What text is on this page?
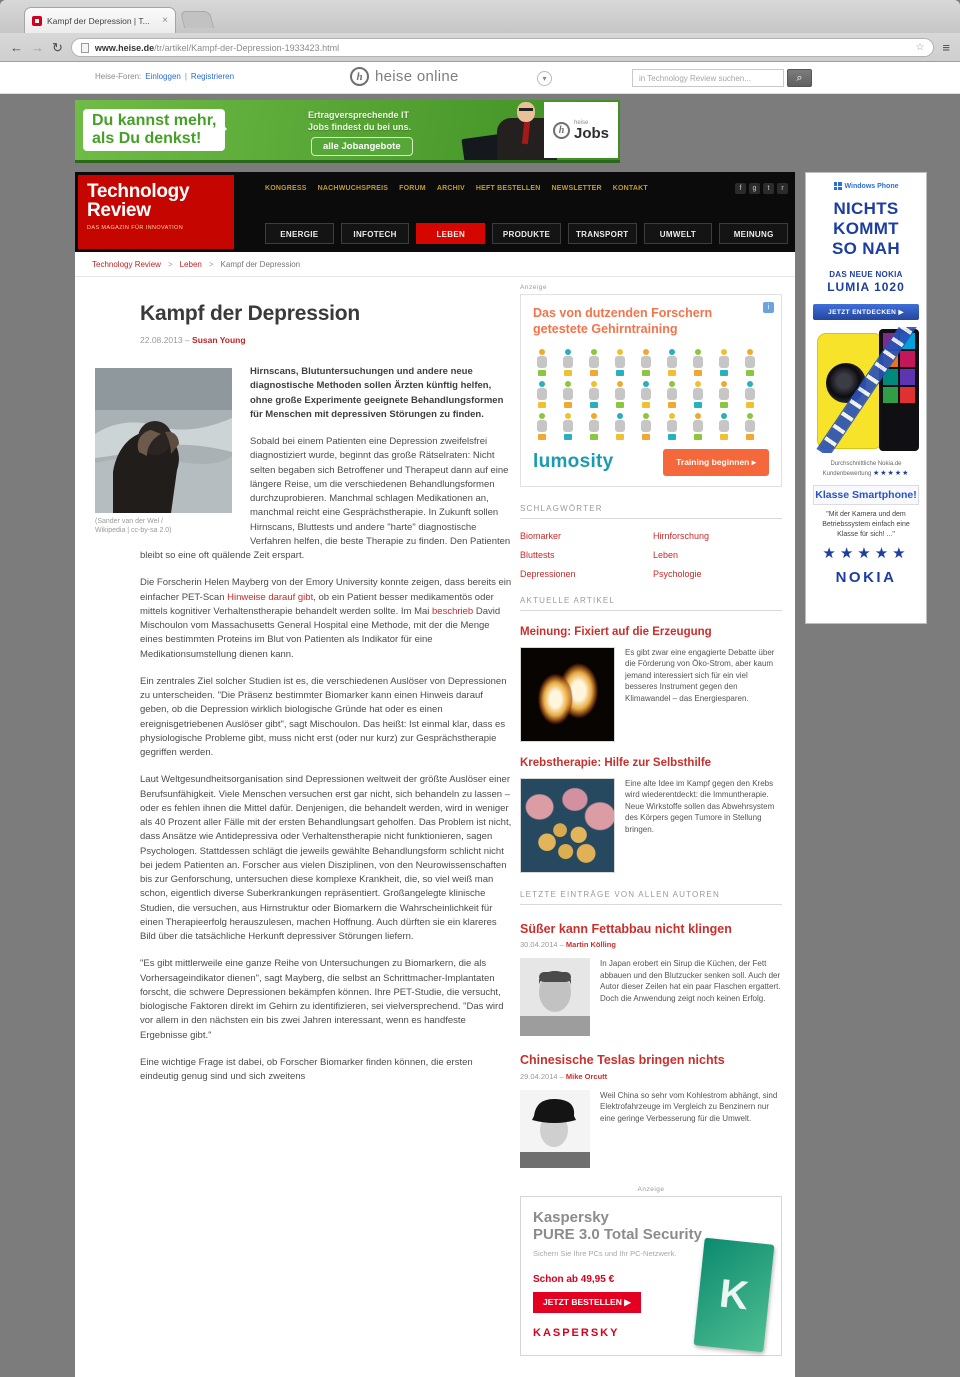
Kampf der Depression | T...	×
← → ↻	www.heise.de/tr/artikel/Kampf-der-Depression-1933423.html	☆ ≡
Heise-Foren: Einloggen | Registrieren	h heise online	▾
in Technology Review suchen...	⌕
Du kannst mehr,
als Du denkst!
Ertragversprechende IT
Jobs findest du bei uns.
alle Jobangebote
h
heise
Jobs
Technology
Review
DAS MAGAZIN FÜR INNOVATION
KONGRESS NACHWUCHSPREIS FORUM ARCHIV HEFT BESTELLEN NEWSLETTER KONTAKT	f	g	t	r
ENERGIE	INFOTECH	LEBEN	PRODUKTE	TRANSPORT	UMWELT	MEINUNG
Windows Phone
NICHTS
KOMMT
SO NAH
DAS NEUE NOKIA
LUMIA 1020
JETZT ENTDECKEN ▶
Durchschnittliche Nokia.de
Kundenbewertung ★★★★★
Klasse Smartphone!
"Mit der Kamera und dem Betriebssystem einfach eine Klasse für sich! ..."
★★★★★
NOKIA
Technology Review > Leben > Kampf der Depression
Kampf der Depression
22.08.2013 – Susan Young
(Sander van der Wel /
Wikipedia | cc-by-sa 2.0)

Hirnscans, Blutuntersuchungen und andere neue diagnostische Methoden sollen Ärzten künftig helfen, ohne große Experimente geeignete Behandlungsformen für Menschen mit depressiven Störungen zu finden.

Sobald bei einem Patienten eine Depression zweifelsfrei diagnostiziert wurde, beginnt das große Rätselraten: Nicht selten begaben sich Betroffener und Therapeut dann auf eine längere Reise, um die verschiedenen Behandlungsformen durchzuprobieren. Manchmal schlagen Medikationen an, manchmal reicht eine Gesprächstherapie. In Zukunft sollen Hirnscans, Bluttests und andere "harte" diagnostische Verfahren helfen, die beste Therapie zu finden. Den Patienten bleibt so eine oft quälende Zeit erspart.

Die Forscherin Helen Mayberg von der Emory University konnte zeigen, dass bereits ein einfacher PET-Scan Hinweise darauf gibt, ob ein Patient besser medikamentös oder mittels kognitiver Verhaltenstherapie behandelt werden sollte. Im Mai beschrieb David Mischoulon vom Massachusetts General Hospital eine Methode, mit der die Menge eines bestimmten Proteins im Blut von Patienten als Indikator für eine Medikationsumstellung dienen kann.

Ein zentrales Ziel solcher Studien ist es, die verschiedenen Auslöser von Depressionen zu unterscheiden. "Die Präsenz bestimmter Biomarker kann einen Hinweis darauf geben, ob die Depression wirklich biologische Gründe hat oder es einen ereignisgetriebenen Auslöser gibt", sagt Mischoulon. Das heißt: Ist einmal klar, dass es physiologische Probleme gibt, muss nicht erst (oder nur kurz) zur Gesprächstherapie gegriffen werden.

Laut Weltgesundheitsorganisation sind Depressionen weltweit der größte Auslöser einer Berufsunfähigkeit. Viele Menschen versuchen erst gar nicht, sich behandeln zu lassen – oder es fehlen ihnen die Mittel dafür. Denjenigen, die behandelt werden, wird in weniger als 40 Prozent aller Fälle mit der ersten Behandlungsart geholfen. Das Problem ist nicht, dass Ansätze wie Antidepressiva oder Verhaltenstherapie nicht funktionieren, sagen Psychologen. Stattdessen schlägt die jeweils gewählte Behandlungsform schlicht nicht bei jedem Patienten an. Forscher aus vielen Disziplinen, von den Neurowissenschaften bis zur Genforschung, untersuchen diese komplexe Krankheit, die, so viel weiß man schon, eigentlich diverse Suberkrankungen repräsentiert. Großangelegte klinische Studien, die versuchen, aus Hirnstruktur oder Biomarkern die Wahrscheinlichkeit für einen Therapieerfolg herauszulesen, machen Hoffnung. Auch dürften sie ein klareres Bild über die tatsächliche Herkunft depressiver Störungen liefern.

"Es gibt mittlerweile eine ganze Reihe von Untersuchungen zu Biomarkern, die als Vorhersageindikator dienen", sagt Mayberg, die selbst an Schrittmacher-Implantaten forscht, die schwere Depressionen bekämpfen können. Ihre PET-Studie, die versucht, biologische Faktoren direkt im Gehirn zu identifizieren, sei vielversprechend. "Das wird vor allem in den nächsten ein bis zwei Jahren interessant, wenn es handfeste Ergebnisse gibt."

Eine wichtige Frage ist dabei, ob Forscher Biomarker finden können, die ersten eindeutig genug sind und sich zweitens

Anzeige
Das von dutzenden Forschern getestete Gehirntraining
i
lumosity	Training beginnen ▸
SCHLAGWÖRTER
Biomarker	Hirnforschung
Bluttests	Leben
Depressionen	Psychologie
AKTUELLE ARTIKEL
Meinung: Fixiert auf die Erzeugung
Es gibt zwar eine engagierte Debatte über die Förderung von Öko-Strom, aber kaum jemand interessiert sich für ein viel besseres Instrument gegen den Klimawandel – das Energiesparen.
Krebstherapie: Hilfe zur Selbsthilfe
Eine alte Idee im Kampf gegen den Krebs wird wiederentdeckt: die Immuntherapie. Neue Wirkstoffe sollen das Abwehrsystem des Körpers gegen Tumore in Stellung bringen.
LETZTE EINTRÄGE VON ALLEN AUTOREN
Süßer kann Fettabbau nicht klingen
30.04.2014 – Martin Kölling
In Japan erobert ein Sirup die Küchen, der Fett abbauen und den Blutzucker senken soll. Auch der Autor dieser Zeilen hat ein paar Flaschen ergattert. Doch die Anwendung zeigt noch keinen Erfolg.
Chinesische Teslas bringen nichts
29.04.2014 – Mike Orcutt
Weil China so sehr vom Kohlestrom abhängt, sind Elektrofahrzeuge im Vergleich zu Benzinern nur eine geringe Verbesserung für die Umwelt.
Anzeige
Kaspersky
PURE 3.0 Total Security
Sichern Sie Ihre PCs und Ihr PC-Netzwerk.
Schon ab 49,95 €
JETZT BESTELLEN ▶
KASPERSKY
K
